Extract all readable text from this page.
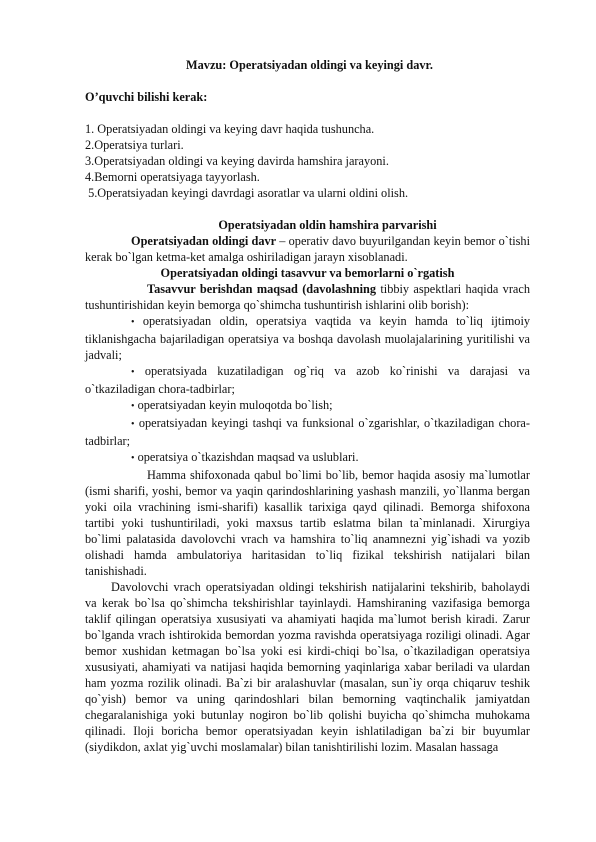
Mavzu: Operatsiyadan oldingi va keyingi davr.

O’quvchi bilishi kerak:

1. Operatsiyadan oldingi va keying davr haqida tushuncha.

2.Operatsiya turlari.

3.Operatsiyadan oldingi va keying davirda hamshira jarayoni.

4.Bemorni operatsiyaga tayyorlash.

5.Operatsiyadan keyingi davrdagi asoratlar va ularni oldini olish.

Operatsiyadan oldin hamshira parvarishi

Operatsiyadan oldingi davr – operativ davo buyurilgandan keyin bemor o`tishi kerak bo`lgan ketma-ket amalga oshiriladigan jarayn xisoblanadi.

Operatsiyadan oldingi tasavvur va bemorlarni o`rgatish

Tasavvur berishdan maqsad (davolashning tibbiy aspektlari haqida vrach tushuntirishidan keyin bemorga qo`shimcha tushuntirish ishlarini olib borish):

• operatsiyadan oldin, operatsiya vaqtida va keyin hamda to`liq ijtimoiy tiklanishgacha bajariladigan operatsiya va boshqa davolash muolajalarining yuritilishi va jadvali;

• operatsiyada kuzatiladigan og`riq va azob ko`rinishi va darajasi va o`tkaziladigan chora-tadbirlar;

• operatsiyadan keyin muloqotda bo`lish;

• operatsiyadan keyingi tashqi va funksional o`zgarishlar, o`tkaziladigan chora-tadbirlar;

• operatsiya o`tkazishdan maqsad va uslublari.

Hamma shifoxonada qabul bo`limi bo`lib, bemor haqida asosiy ma`lumotlar (ismi sharifi, yoshi, bemor va yaqin qarindoshlarining yashash manzili, yo`llanma bergan yoki oila vrachining ismi-sharifi) kasallik tarixiga qayd qilinadi. Bemorga shifoxona tartibi yoki tushuntiriladi, yoki maxsus tartib eslatma bilan ta`minlanadi. Xirurgiya bo`limi palatasida davolovchi vrach va hamshira to`liq anamnezni yig`ishadi va yozib olishadi hamda ambulatoriya haritasidan to`liq fizikal tekshirish natijalari bilan tanishishadi.

Davolovchi vrach operatsiyadan oldingi tekshirish natijalarini tekshirib, baholaydi va kerak bo`lsa qo`shimcha tekshirishlar tayinlaydi. Hamshiraning vazifasiga bemorga taklif qilingan operatsiya xususiyati va ahamiyati haqida ma`lumot berish kiradi. Zarur bo`lganda vrach ishtirokida bemordan yozma ravishda operatsiyaga roziligi olinadi. Agar bemor xushidan ketmagan bo`lsa yoki esi kirdi-chiqi bo`lsa, o`tkaziladigan operatsiya xususiyati, ahamiyati va natijasi haqida bemorning yaqinlariga xabar beriladi va ulardan ham yozma rozilik olinadi. Ba`zi bir aralashuvlar (masalan, sun`iy orqa chiqaruv teshik qo`yish) bemor va uning qarindoshlari bilan bemorning vaqtinchalik jamiyatdan chegaralanishiga yoki butunlay nogiron bo`lib qolishi buyicha qo`shimcha muhokama qilinadi. Iloji boricha bemor operatsiyadan keyin ishlatiladigan ba`zi bir buyumlar (siydikdon, axlat yig`uvchi moslamalar) bilan tanishtirilishi lozim. Masalan hassaga
